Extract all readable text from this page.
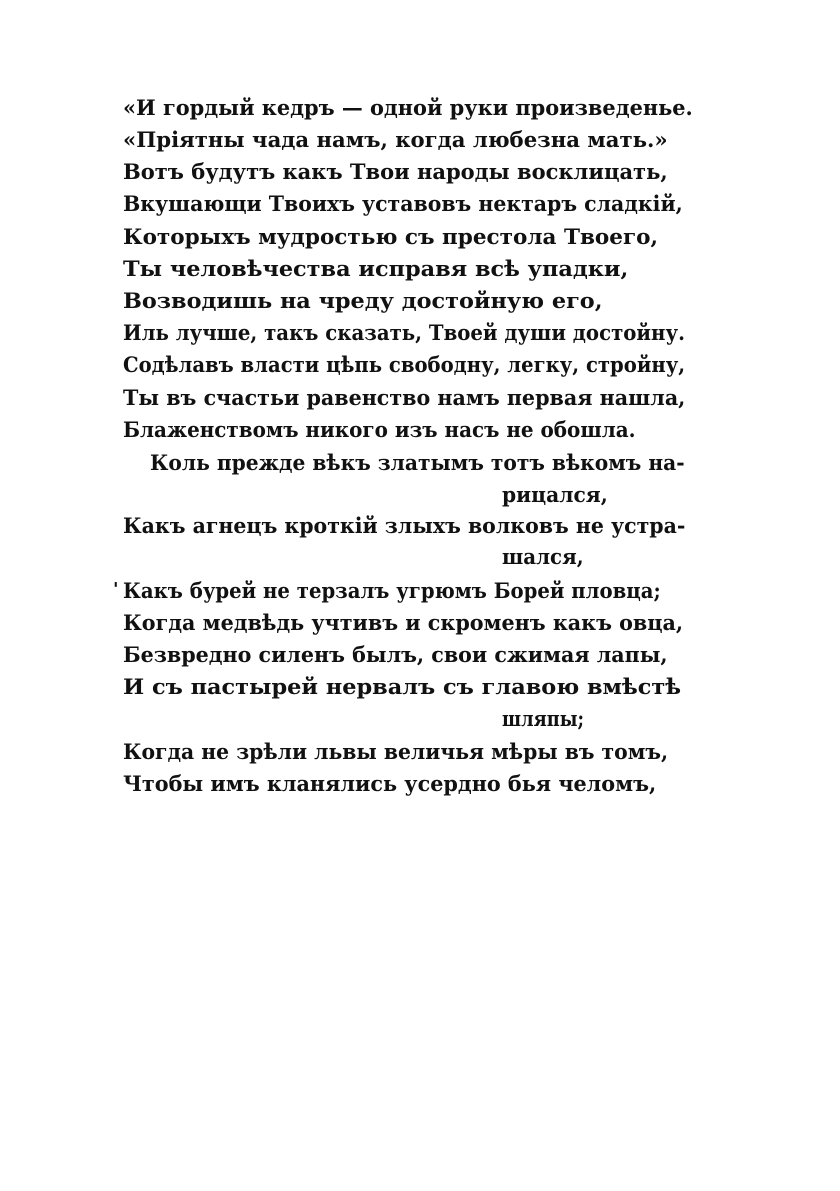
«И гордый кедръ — одной руки произведенье.
«Пріятны чада намъ, когда любезна мать.»
Вотъ будутъ какъ Твои народы восклицать,
Вкушающи Твоихъ уставовъ нектаръ сладкій,
Которыхъ мудростью съ престола Твоего,
Ты человѣчества исправя всѣ упадки,
Возводишь на чреду достойную его,
Иль лучше, такъ сказать, Твоей души достойну.
Содѣлавъ власти цѣпь свободну, легку, стройну,
Ты въ счастьи равенство намъ первая нашла,
Блаженствомъ никого изъ насъ не обошла.
Коль прежде вѣкъ златымъ тотъ вѣкомъ на-
рицался,
Какъ агнецъ кроткій злыхъ волковъ не устра-
шался,
Какъ бурей не терзалъ угрюмъ Борей пловца;
Когда медвѣдь учтивъ и скроменъ какъ овца,
Безвредно силенъ былъ, свои сжимая лапы,
И съ пастырей нервалъ съ главою вмѣстѣ
шляпы;
Когда не зрѣли львы величья мѣры въ томъ,
Чтобы имъ кланялись усердно бья челомъ,
'
